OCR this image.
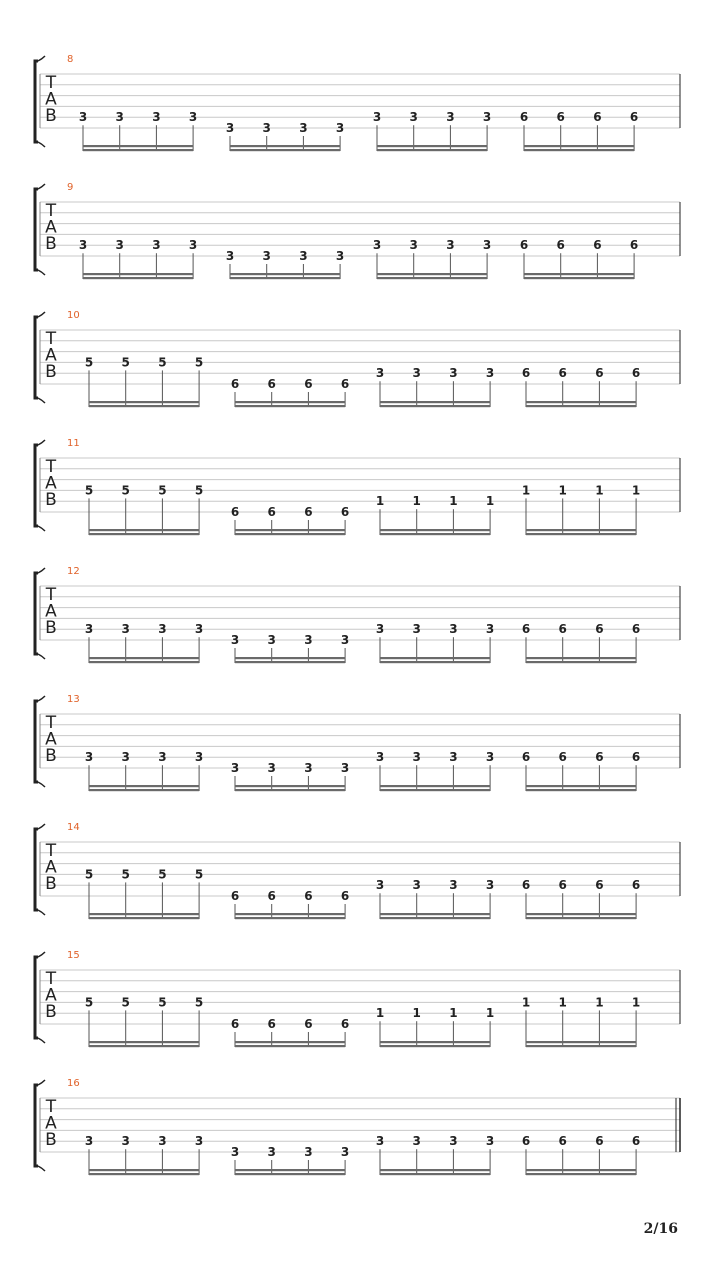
T
A
B
8
3 3 3 3
3 3 3 3
3 3 3 3 6 6 6 6
T
A
B
9
3 3 3 3
3 3 3 3
3 3 3 3 6 6 6 6
T
A
B
10
5 5 5 5
6 6 6 6
3 3 3 3 6 6 6 6
T
A
B
11
5 5 5 5
6 6 6 6
1 1 1 1
1 1 1 1
T
A
B
12
3 3 3 3
3 3 3 3
3 3 3 3 6 6 6 6
T
A
B
13
3 3 3 3
3 3 3 3
3 3 3 3 6 6 6 6
T
A
B
14
5 5 5 5
6 6 6 6
3 3 3 3 6 6 6 6
T
A
B
15
5 5 5 5
6 6 6 6
1 1 1 1
1 1 1 1
T
A
B
16
3 3 3 3
3 3 3 3
3 3 3 3 6 6 6 6
2/16
